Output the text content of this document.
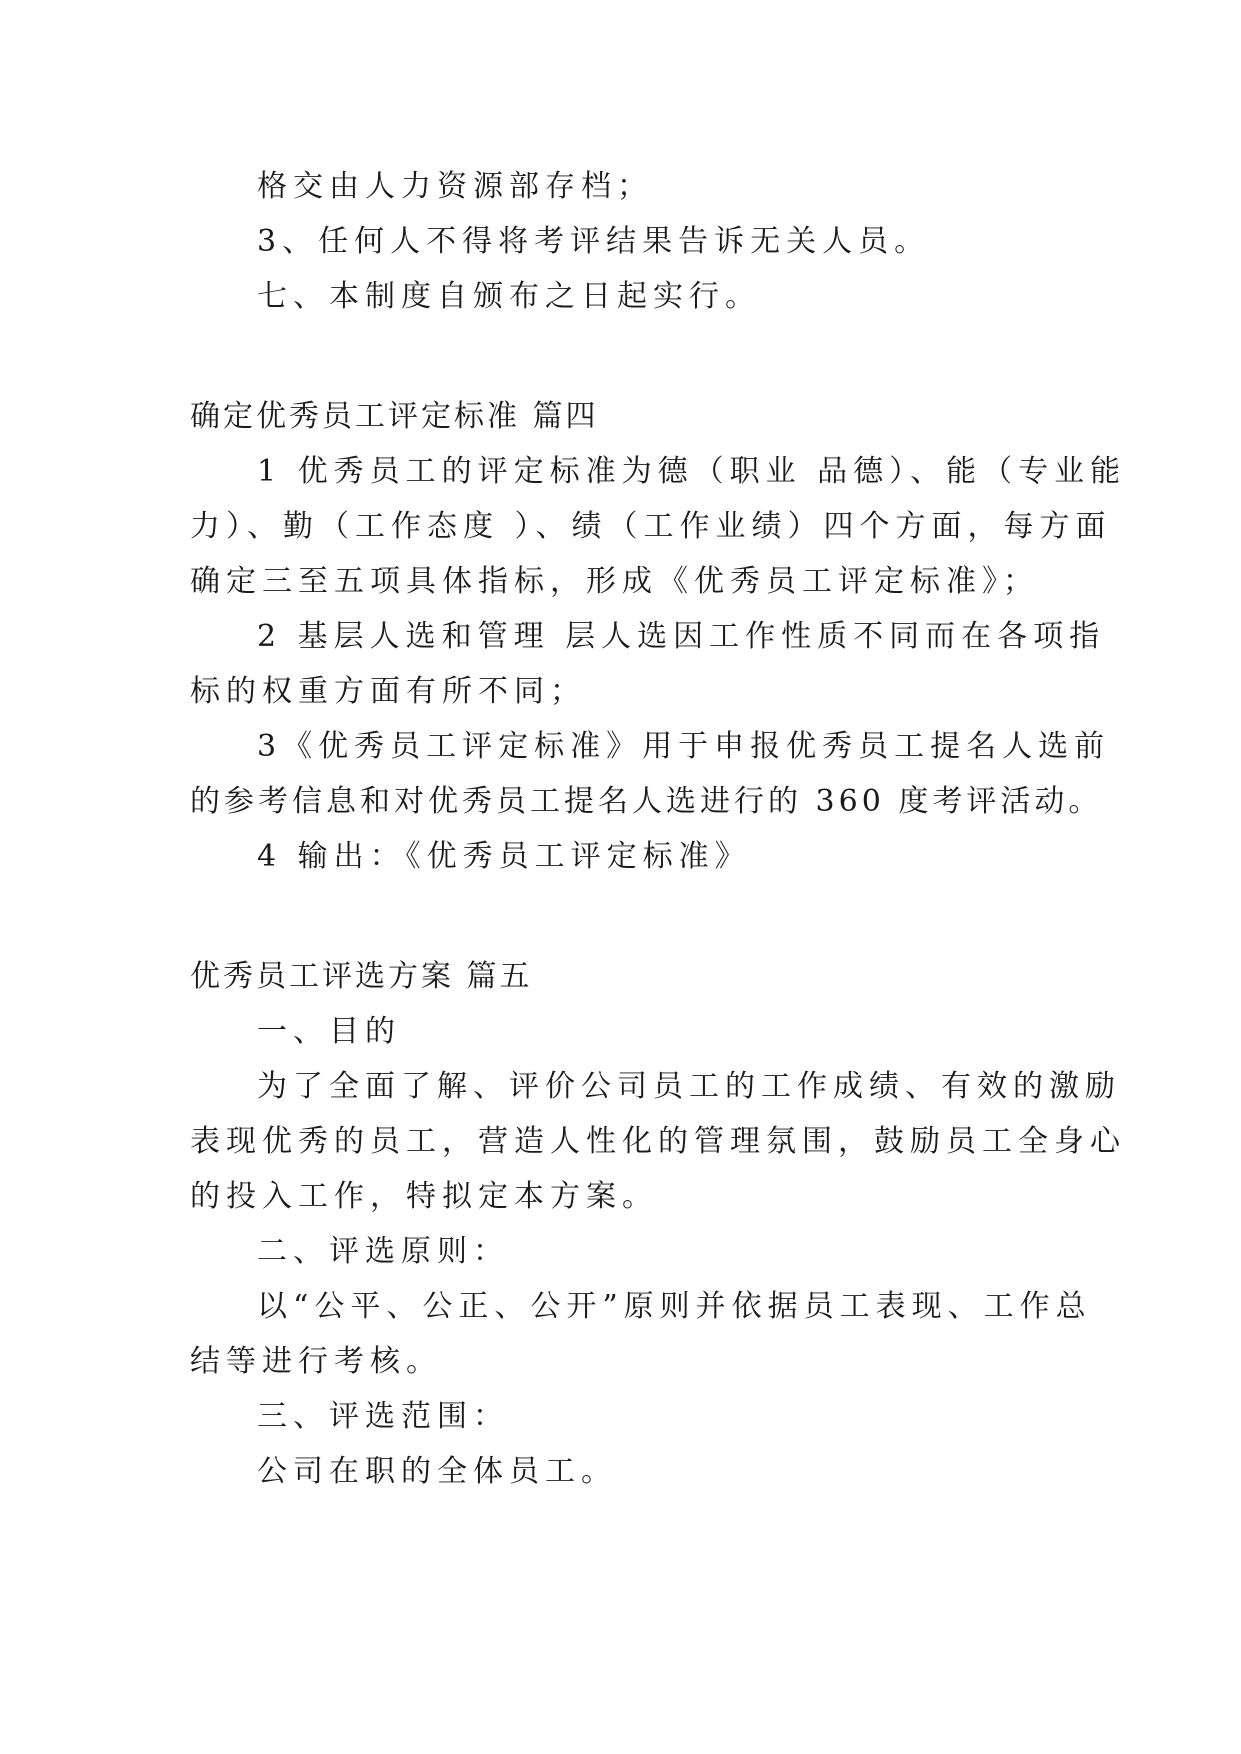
格交由人力资源部存档；
3、任何人不得将考评结果告诉无关人员。
七、本制度自颁布之日起实行。
确定优秀员工评定标准 篇四
1 优秀员工的评定标准为德（职业 品德）、能（专业能
力）、勤（工作态度 ）、绩（工作业绩）四个方面，每方面
确定三至五项具体指标，形成《优秀员工评定标准》；
2 基层人选和管理 层人选因工作性质不同而在各项指
标的权重方面有所不同；
3《优秀员工评定标准》用于申报优秀员工提名人选前
的参考信息和对优秀员工提名人选进行的 360 度考评活动。
4 输出：《优秀员工评定标准》
优秀员工评选方案 篇五
一、目的
为了全面了解、评价公司员工的工作成绩、有效的激励
表现优秀的员工，营造人性化的管理氛围，鼓励员工全身心
的投入工作，特拟定本方案。
二、评选原则：
以“公平、公正、公开”原则并依据员工表现、工作总
结等进行考核。
三、评选范围：
公司在职的全体员工。
